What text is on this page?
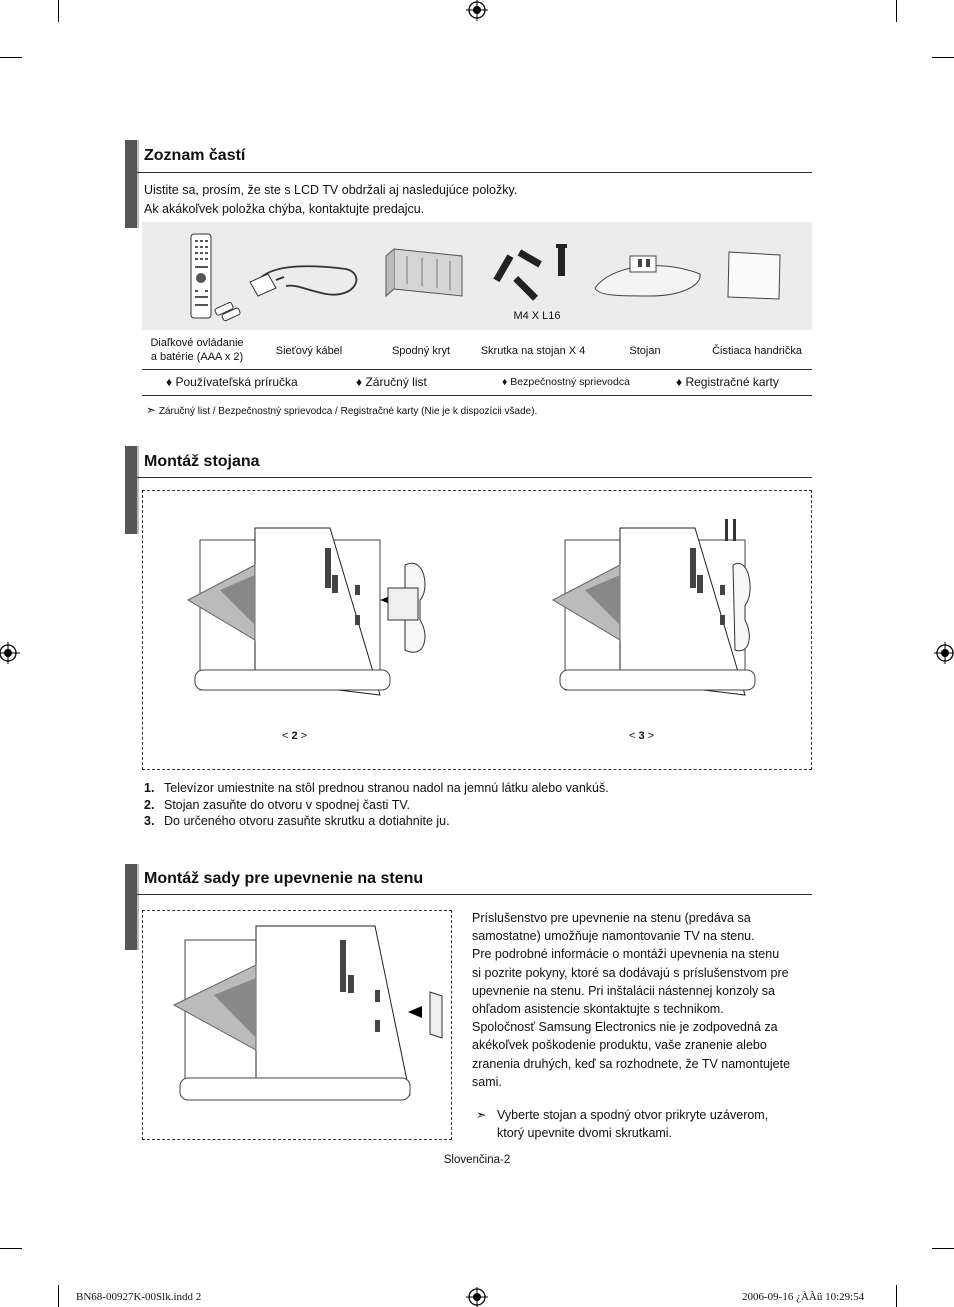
Zoznam častí
Uistite sa, prosím, že ste s LCD TV obdržali aj nasledujúce položky.
Ak akákoľvek položka chýba, kontaktujte predajcu.
M4 X L16
Diaľkové ovládanie
a batérie (AAA x 2)	Sieťový kábel	Spodný kryt	Skrutka na stojan X 4	Stojan	Čistiaca handrička
♦ Používateľská príručka	♦ Záručný list	♦ Bezpečnostný sprievodca	♦ Registračné karty
➣ Záručný list / Bezpečnostný sprievodca / Registračné karty (Nie je k dispozícii všade).
Montáž stojana
< 2 >	< 3 >
1. Televízor umiestnite na stôl prednou stranou nadol na jemnú látku alebo vankúš.
2. Stojan zasuňte do otvoru v spodnej časti TV.
3. Do určeného otvoru zasuňte skrutku a dotiahnite ju.
Montáž sady pre upevnenie na stenu
Príslušenstvo pre upevnenie na stenu (predáva sa
samostatne) umožňuje namontovanie TV na stenu.
Pre podrobné informácie o montáži upevnenia na stenu
si pozrite pokyny, ktoré sa dodávajú s príslušenstvom pre
upevnenie na stenu. Pri inštalácii nástennej konzoly sa
ohľadom asistencie skontaktujte s technikom.
Spoločnosť Samsung Electronics nie je zodpovedná za
akékoľvek poškodenie produktu, vaše zranenie alebo
zranenia druhých, keď sa rozhodnete, že TV namontujete
sami.
➣ Vyberte stojan a spodný otvor prikryte uzáverom,
ktorý upevnite dvomi skrutkami.
Slovenčina-2
BN68-00927K-00Slk.indd 2	2006-09-16 ¿ÀÀü 10:29:54
